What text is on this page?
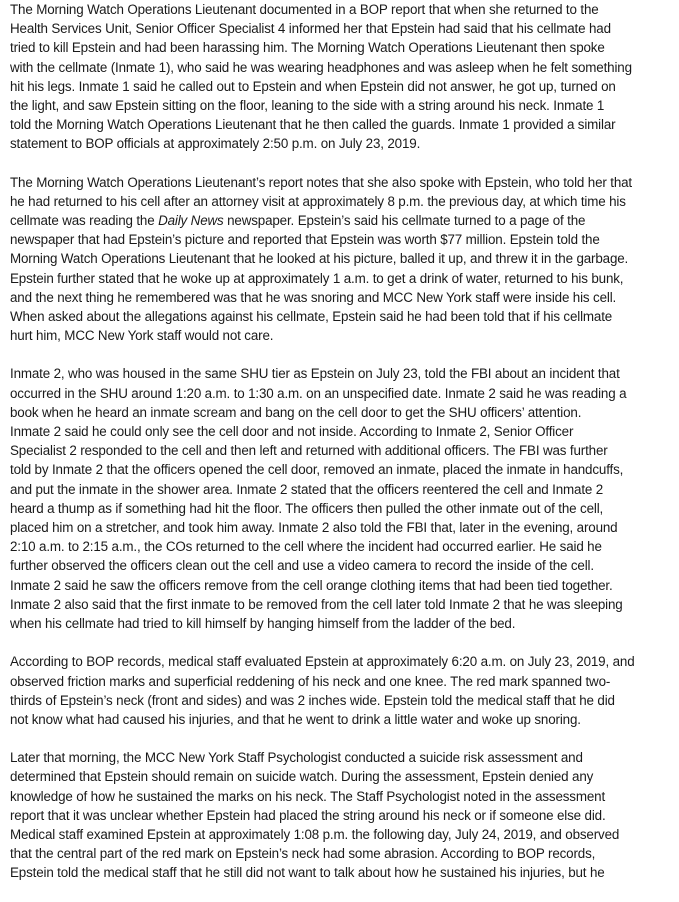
The Morning Watch Operations Lieutenant documented in a BOP report that when she returned to the
Health Services Unit, Senior Officer Specialist 4 informed her that Epstein had said that his cellmate had
tried to kill Epstein and had been harassing him. The Morning Watch Operations Lieutenant then spoke
with the cellmate (Inmate 1), who said he was wearing headphones and was asleep when he felt something
hit his legs. Inmate 1 said he called out to Epstein and when Epstein did not answer, he got up, turned on
the light, and saw Epstein sitting on the floor, leaning to the side with a string around his neck. Inmate 1
told the Morning Watch Operations Lieutenant that he then called the guards. Inmate 1 provided a similar
statement to BOP officials at approximately 2:50 p.m. on July 23, 2019.

The Morning Watch Operations Lieutenant’s report notes that she also spoke with Epstein, who told her that
he had returned to his cell after an attorney visit at approximately 8 p.m. the previous day, at which time his
cellmate was reading the Daily News newspaper. Epstein’s said his cellmate turned to a page of the
newspaper that had Epstein’s picture and reported that Epstein was worth $77 million. Epstein told the
Morning Watch Operations Lieutenant that he looked at his picture, balled it up, and threw it in the garbage.
Epstein further stated that he woke up at approximately 1 a.m. to get a drink of water, returned to his bunk,
and the next thing he remembered was that he was snoring and MCC New York staff were inside his cell.
When asked about the allegations against his cellmate, Epstein said he had been told that if his cellmate
hurt him, MCC New York staff would not care.

Inmate 2, who was housed in the same SHU tier as Epstein on July 23, told the FBI about an incident that
occurred in the SHU around 1:20 a.m. to 1:30 a.m. on an unspecified date. Inmate 2 said he was reading a
book when he heard an inmate scream and bang on the cell door to get the SHU officers’ attention.
Inmate 2 said he could only see the cell door and not inside. According to Inmate 2, Senior Officer
Specialist 2 responded to the cell and then left and returned with additional officers. The FBI was further
told by Inmate 2 that the officers opened the cell door, removed an inmate, placed the inmate in handcuffs,
and put the inmate in the shower area. Inmate 2 stated that the officers reentered the cell and Inmate 2
heard a thump as if something had hit the floor. The officers then pulled the other inmate out of the cell,
placed him on a stretcher, and took him away. Inmate 2 also told the FBI that, later in the evening, around
2:10 a.m. to 2:15 a.m., the COs returned to the cell where the incident had occurred earlier. He said he
further observed the officers clean out the cell and use a video camera to record the inside of the cell.
Inmate 2 said he saw the officers remove from the cell orange clothing items that had been tied together.
Inmate 2 also said that the first inmate to be removed from the cell later told Inmate 2 that he was sleeping
when his cellmate had tried to kill himself by hanging himself from the ladder of the bed.

According to BOP records, medical staff evaluated Epstein at approximately 6:20 a.m. on July 23, 2019, and
observed friction marks and superficial reddening of his neck and one knee. The red mark spanned two-
thirds of Epstein’s neck (front and sides) and was 2 inches wide. Epstein told the medical staff that he did
not know what had caused his injuries, and that he went to drink a little water and woke up snoring.

Later that morning, the MCC New York Staff Psychologist conducted a suicide risk assessment and
determined that Epstein should remain on suicide watch. During the assessment, Epstein denied any
knowledge of how he sustained the marks on his neck. The Staff Psychologist noted in the assessment
report that it was unclear whether Epstein had placed the string around his neck or if someone else did.
Medical staff examined Epstein at approximately 1:08 p.m. the following day, July 24, 2019, and observed
that the central part of the red mark on Epstein’s neck had some abrasion. According to BOP records,
Epstein told the medical staff that he still did not want to talk about how he sustained his injuries, but he
